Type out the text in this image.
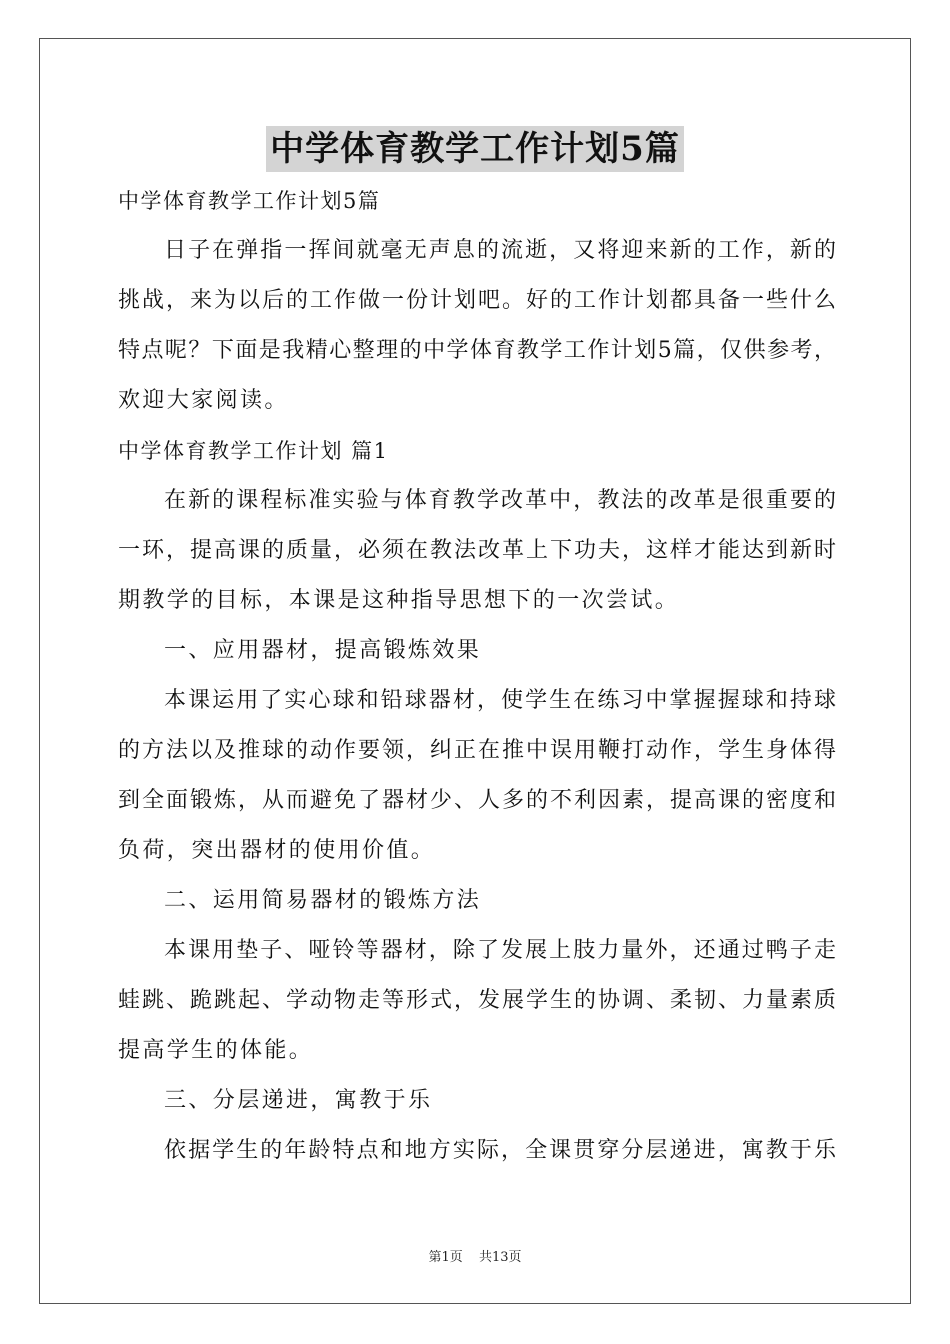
中学体育教学工作计划5篇
中学体育教学工作计划5篇
日子在弹指一挥间就毫无声息的流逝，又将迎来新的工作，新的
挑战，来为以后的工作做一份计划吧。好的工作计划都具备一些什么
特点呢？下面是我精心整理的中学体育教学工作计划5篇，仅供参考，
欢迎大家阅读。
中学体育教学工作计划 篇1
在新的课程标准实验与体育教学改革中，教法的改革是很重要的
一环，提高课的质量，必须在教法改革上下功夫，这样才能达到新时
期教学的目标，本课是这种指导思想下的一次尝试。
一、应用器材，提高锻炼效果
本课运用了实心球和铅球器材，使学生在练习中掌握握球和持球
的方法以及推球的动作要领，纠正在推中误用鞭打动作，学生身体得
到全面锻炼，从而避免了器材少、人多的不利因素，提高课的密度和
负荷，突出器材的使用价值。
二、运用简易器材的锻炼方法
本课用垫子、哑铃等器材，除了发展上肢力量外，还通过鸭子走
蛙跳、跪跳起、学动物走等形式，发展学生的协调、柔韧、力量素质
提高学生的体能。
三、分层递进，寓教于乐
依据学生的年龄特点和地方实际，全课贯穿分层递进，寓教于乐
第1页 共13页
